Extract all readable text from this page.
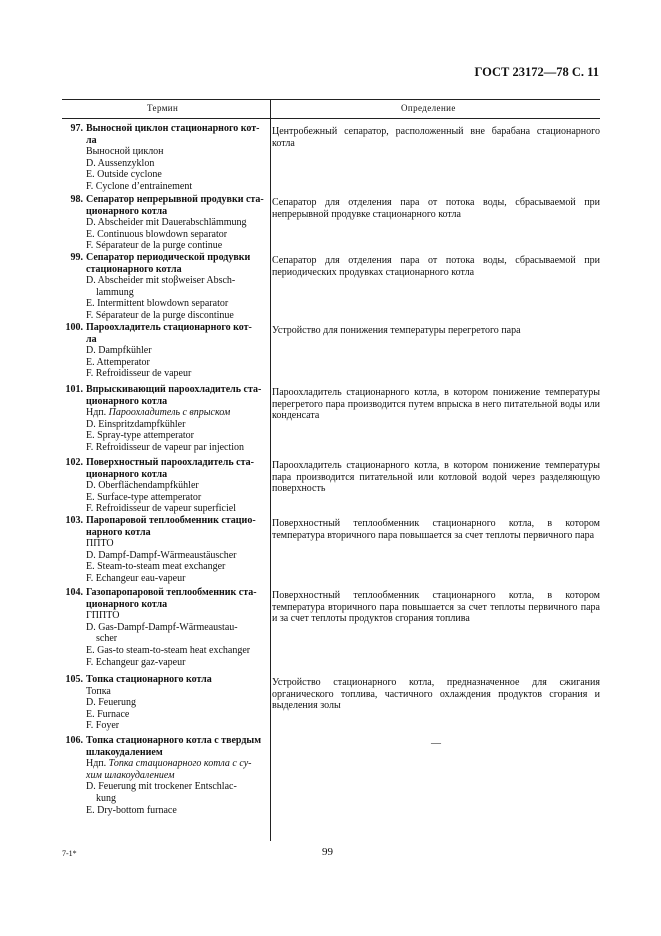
ГОСТ 23172—78 С. 11
Термин	Определение
97. Выносной циклон стационарного кот-
ла
Выносной циклон
D. Aussenzyklon
E. Outside cyclone
F. Cyclone d’entrainement
Центробежный сепаратор, расположенный вне барабана стационарного котла
98. Сепаратор непрерывной продувки ста-
ционарного котла
D. Abscheider mit Dauerabschlämmung
E. Continuous blowdown separator
F. Séparateur de la purge continue
Сепаратор для отделения пара от потока воды, сбрасываемой при непрерывной продувке стационарного котла
99. Сепаратор периодической продувки
стационарного котла
D. Abscheider mit stoβweiser Absch-
lammung
E. Intermittent blowdown separator
F. Séparateur de la purge discontinue
Сепаратор для отделения пара от потока воды, сбрасываемой при периодических продувках стационарного котла
100. Пароохладитель стационарного кот-
ла
D. Dampfkühler
E. Attemperator
F. Refroidisseur de vapeur
Устройство для понижения температуры перегретого пара
101. Впрыскивающий пароохладитель ста-
ционарного котла
Ндп. Пароохладитель с впрыском
D. Einspritzdampfkühler
E. Spray-type attemperator
F. Refroidisseur de vapeur par injection
Пароохладитель стационарного котла, в котором понижение температуры перегретого пара производится путем впрыска в него питательной воды или конденсата
102. Поверхностный пароохладитель ста-
ционарного котла
D. Oberflächendampfkühler
E. Surface-type attemperator
F. Refroidisseur de vapeur superficiel
Пароохладитель стационарного котла, в котором понижение температуры пара производится питательной или котловой водой через разделяющую поверхность
103. Паропаровой теплообменник стацио-
нарного котла
ППТО
D. Dampf-Dampf-Wärmeaustäuscher
E. Steam-to-steam meat exchanger
F. Echangeur eau-vapeur
Поверхностный теплообменник стационарного котла, в котором температура вторичного пара повышается за счет теплоты первичного пара
104. Газопаропаровой теплообменник ста-
ционарного котла
ГППТО
D. Gas-Dampf-Dampf-Wärmeaustau-
scher
E. Gas-to steam-to-steam heat exchanger
F. Echangeur gaz-vapeur
Поверхностный теплообменник стационарного котла, в котором температура вторичного пара повышается за счет теплоты первичного пара и за счет теплоты продуктов сгорания топлива
105. Топка стационарного котла
Топка
D. Feuerung
E. Furnace
F. Foyer
Устройство стационарного котла, предназначенное для сжигания органического топлива, частичного охлаждения продуктов сгорания и выделения золы
106. Топка стационарного котла с твердым
шлакоудалением
Ндп. Топка стационарного котла с су-
хим шлакоудалением
D. Feuerung mit trockener Entschlac-
kung
E. Dry-bottom furnace
—
7-1*	99
